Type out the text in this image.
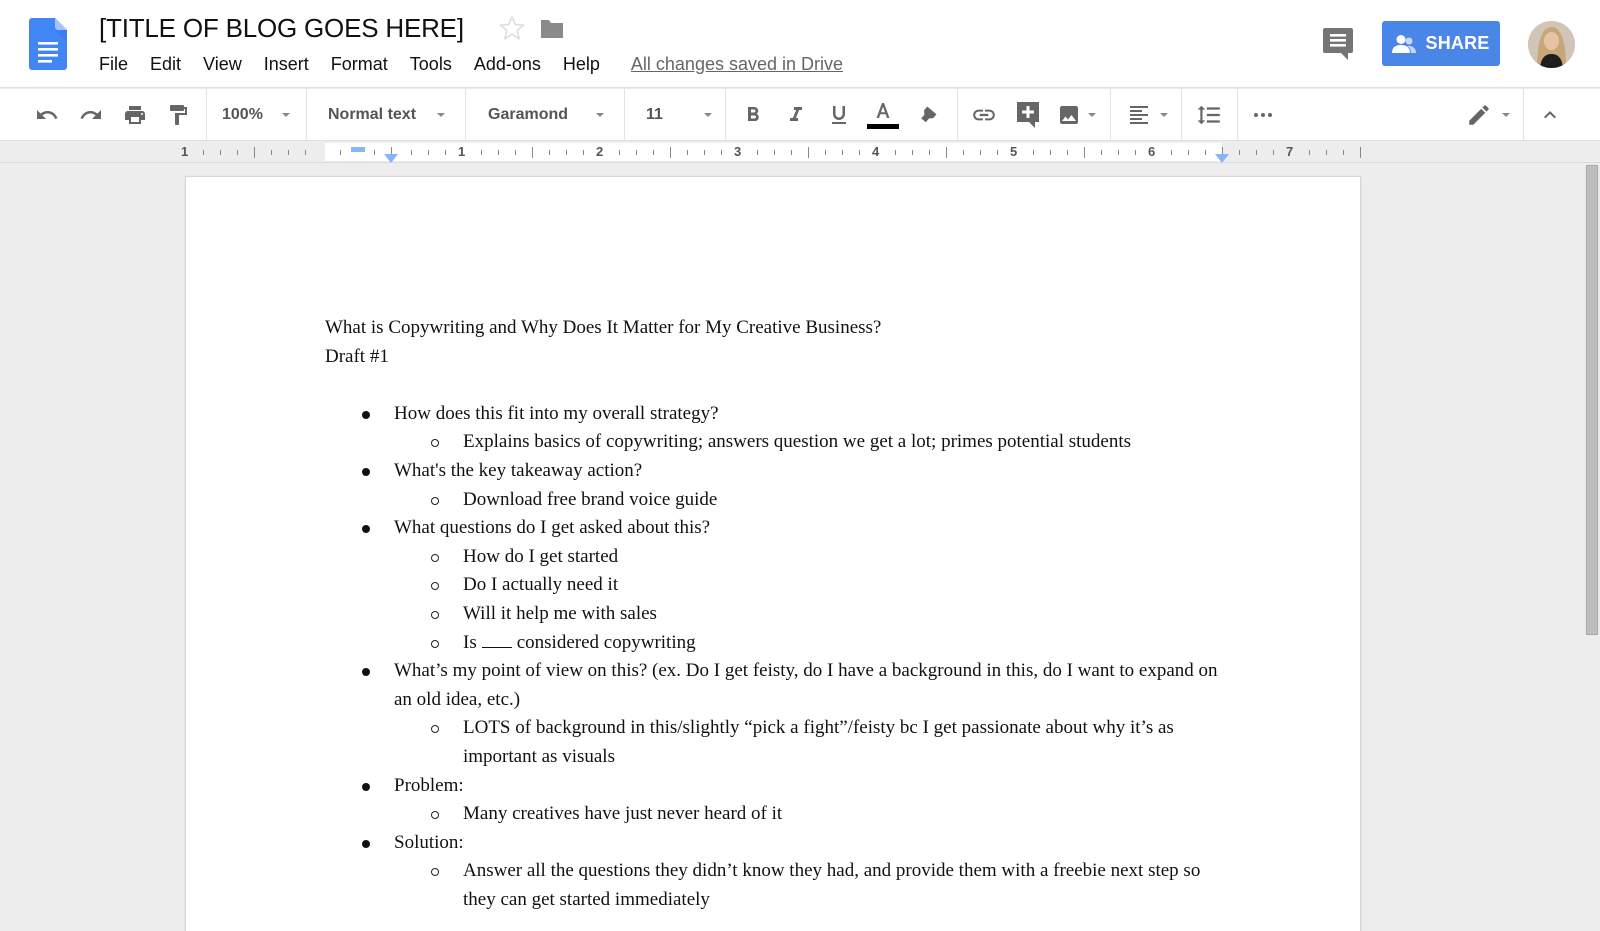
[TITLE OF BLOG GOES HERE]
File Edit View Insert Format Tools Add-ons Help All changes saved in Drive
SHARE
100%	Normal text	Garamond	11
1	1	2	3	4	5	6	7
What is Copywriting and Why Does It Matter for My Creative Business?
Draft #1
How does this fit into my overall strategy?
Explains basics of copywriting; answers question we get a lot; primes potential students
What's the key takeaway action?
Download free brand voice guide
What questions do I get asked about this?
How do I get started
Do I actually need it
Will it help me with sales
Is considered copywriting
What’s my point of view on this? (ex. Do I get feisty, do I have a background in this, do I want to expand on an old idea, etc.)
LOTS of background in this/slightly “pick a fight”/feisty bc I get passionate about why it’s as important as visuals
Problem:
Many creatives have just never heard of it
Solution:
Answer all the questions they didn’t know they had, and provide them with a freebie next step so they can get started immediately
